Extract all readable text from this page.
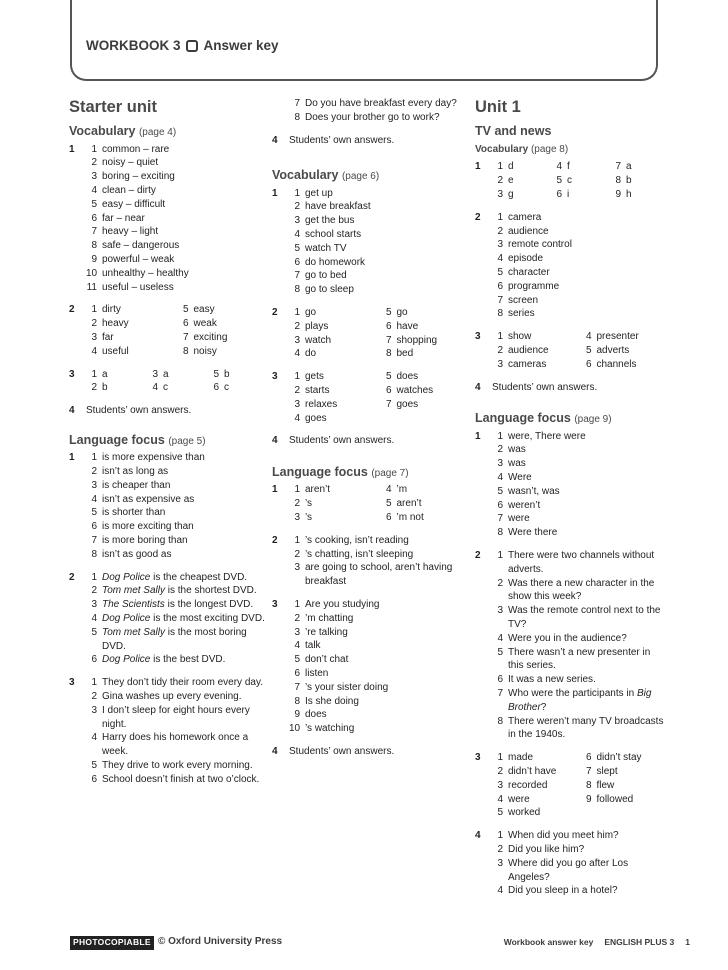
WORKBOOK 3 Answer key
Starter unit
Vocabulary (page 4)
1	1 common – rare
2 noisy – quiet
3 boring – exciting
4 clean – dirty
5 easy – difficult
6 far – near
7 heavy – light
8 safe – dangerous
9 powerful – weak
10 unhealthy – healthy
11 useful – useless
2	1 dirty	5 easy
2 heavy	6 weak
3 far	7 exciting
4 useful	8 noisy
3	1 a	3 a	5 b
2 b	4 c	6 c
4 Students’ own answers.
Language focus (page 5)
1	1 is more expensive than
2 isn’t as long as
3 is cheaper than
4 isn’t as expensive as
5 is shorter than
6 is more exciting than
7 is more boring than
8 isn’t as good as
2	1 Dog Police is the cheapest DVD.
2 Tom met Sally is the shortest DVD.
3 The Scientists is the longest DVD.
4 Dog Police is the most exciting DVD.
5 Tom met Sally is the most boring DVD.
6 Dog Police is the best DVD.
3	1 They don’t tidy their room every day.
2 Gina washes up every evening.
3 I don’t sleep for eight hours every night.
4 Harry does his homework once a week.
5 They drive to work every morning.
6 School doesn’t finish at two o’clock.
7 Do you have breakfast every day?
8 Does your brother go to work?
4 Students’ own answers.
Vocabulary (page 6)
1	1 get up
2 have breakfast
3 get the bus
4 school starts
5 watch TV
6 do homework
7 go to bed
8 go to sleep
2	1 go	5 go
2 plays	6 have
3 watch	7 shopping
4 do	8 bed
3	1 gets	5 does
2 starts	6 watches
3 relaxes	7 goes
4 goes
4 Students’ own answers.
Language focus (page 7)
1	1 aren’t	4 ’m
2 ’s	5 aren’t
3 ’s	6 ’m not
2	1 ’s cooking, isn’t reading
2 ’s chatting, isn’t sleeping
3 are going to school, aren’t having breakfast
3	1 Are you studying
2 ’m chatting
3 ’re talking
4 talk
5 don’t chat
6 listen
7 ’s your sister doing
8 Is she doing
9 does
10 ’s watching
4 Students’ own answers.
Unit 1
TV and news
Vocabulary (page 8)
1	1 d	4 f	7 a
2 e	5 c	8 b
3 g	6 i	9 h
2	1 camera
2 audience
3 remote control
4 episode
5 character
6 programme
7 screen
8 series
3	1 show	4 presenter
2 audience	5 adverts
3 cameras	6 channels
4 Students’ own answers.
Language focus (page 9)
1	1 were, There were
2 was
3 was
4 Were
5 wasn’t, was
6 weren’t
7 were
8 Were there
2	1 There were two channels without adverts.
2 Was there a new character in the show this week?
3 Was the remote control next to the TV?
4 Were you in the audience?
5 There wasn’t a new presenter in this series.
6 It was a new series.
7 Who were the participants in Big Brother?
8 There weren’t many TV broadcasts in the 1940s.
3	1 made	6 didn’t stay
2 didn’t have	7 slept
3 recorded	8 flew
4 were	9 followed
5 worked
4	1 When did you meet him?
2 Did you like him?
3 Where did you go after Los Angeles?
4 Did you sleep in a hotel?
PHOTOCOPIABLE © Oxford University Press	Workbook answer key ENGLISH PLUS 3 1
